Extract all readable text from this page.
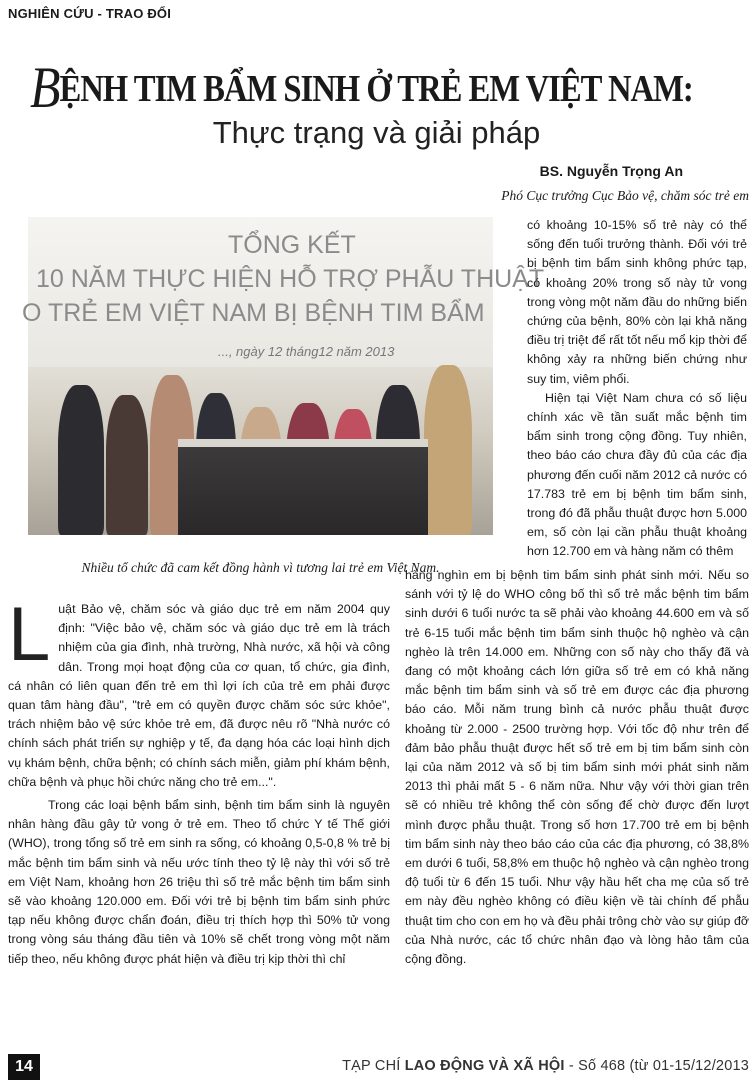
NGHIÊN CỨU - TRAO ĐỔI
BỆNH TIM BẨM SINH Ở TRẺ EM VIỆT NAM:
Thực trạng và giải pháp
BS. Nguyễn Trọng An
Phó Cục trưởng Cục Bảo vệ, chăm sóc trẻ em
TỔNG KẾT
10 NĂM THỰC HIỆN HỖ TRỢ PHẪU THUẬT
O TRẺ EM VIỆT NAM BỊ BỆNH TIM BẨM
..., ngày 12 tháng12 năm 2013
Nhiều tổ chức đã cam kết đồng hành vì tương lai trẻ em Việt Nam.

có khoảng 10-15% số trẻ này có thể sống đến tuổi trưởng thành. Đối với trẻ bị bệnh tim bẩm sinh không phức tạp, có khoảng 20% trong số này tử vong trong vòng một năm đầu do những biến chứng của bệnh, 80% còn lại khả năng điều trị triệt để rất tốt nếu mổ kịp thời để không xảy ra những biến chứng như suy tim, viêm phổi.

Hiện tại Việt Nam chưa có số liệu chính xác về tần suất mắc bệnh tim bẩm sinh trong cộng đồng. Tuy nhiên, theo báo cáo chưa đầy đủ của các địa phương đến cuối năm 2012 cả nước có 17.783 trẻ em bị bệnh tim bẩm sinh, trong đó đã phẫu thuật được hơn 5.000 em, số còn lại cần phẫu thuật khoảng hơn 12.700 em và hàng năm có thêm

Luật Bảo vệ, chăm sóc và giáo dục trẻ em năm 2004 quy định: "Việc bảo vệ, chăm sóc và giáo dục trẻ em là trách nhiệm của gia đình, nhà trường, Nhà nước, xã hội và công dân. Trong mọi hoạt động của cơ quan, tổ chức, gia đình, cá nhân có liên quan đến trẻ em thì lợi ích của trẻ em phải được quan tâm hàng đầu", "trẻ em có quyền được chăm sóc sức khỏe", trách nhiệm bảo vệ sức khỏe trẻ em, đã được nêu rõ "Nhà nước có chính sách phát triển sự nghiệp y tế, đa dạng hóa các loại hình dịch vụ khám bệnh, chữa bệnh; có chính sách miễn, giảm phí khám bệnh, chữa bệnh và phục hồi chức năng cho trẻ em...".

Trong các loại bệnh bẩm sinh, bệnh tim bẩm sinh là nguyên nhân hàng đầu gây tử vong ở trẻ em. Theo tổ chức Y tế Thế giới (WHO), trong tổng số trẻ em sinh ra sống, có khoảng 0,5-0,8 % trẻ bị mắc bệnh tim bẩm sinh và nếu ước tính theo tỷ lệ này thì với số trẻ em Việt Nam, khoảng hơn 26 triệu thì số trẻ mắc bệnh tim bẩm sinh sẽ vào khoảng 120.000 em. Đối với trẻ bị bệnh tim bẩm sinh phức tạp nếu không được chẩn đoán, điều trị thích hợp thì 50% tử vong trong vòng sáu tháng đầu tiên và 10% sẽ chết trong vòng một năm tiếp theo, nếu không được phát hiện và điều trị kịp thời thì chỉ

hàng nghìn em bị bệnh tim bẩm sinh phát sinh mới. Nếu so sánh với tỷ lệ do WHO công bố thì số trẻ mắc bệnh tim bẩm sinh dưới 6 tuổi nước ta sẽ phải vào khoảng 44.600 em và số trẻ 6-15 tuổi mắc bệnh tim bẩm sinh thuộc hộ nghèo và cận nghèo là trên 14.000 em. Những con số này cho thấy đã và đang có một khoảng cách lớn giữa số trẻ em có khả năng mắc bệnh tim bẩm sinh và số trẻ em được các địa phương báo cáo. Mỗi năm trung bình cả nước phẫu thuật được khoảng từ 2.000 - 2500 trường hợp. Với tốc độ như trên để đảm bảo phẫu thuật được hết số trẻ em bị tim bẩm sinh còn lại của năm 2012 và số bị tim bẩm sinh mới phát sinh năm 2013 thì phải mất 5 - 6 năm nữa. Như vậy với thời gian trên sẽ có nhiều trẻ không thể còn sống để chờ được đến lượt mình được phẫu thuật. Trong số hơn 17.700 trẻ em bị bệnh tim bẩm sinh này theo báo cáo của các địa phương, có 38,8% em dưới 6 tuổi, 58,8% em thuộc hộ nghèo và cận nghèo trong độ tuổi từ 6 đến 15 tuổi. Như vậy hầu hết cha mẹ của số trẻ em này đều nghèo không có điều kiện về tài chính để phẫu thuật tim cho con em họ và đều phải trông chờ vào sự giúp đỡ của Nhà nước, các tổ chức nhân đạo và lòng hảo tâm của cộng đồng.

14	TẠP CHÍ LAO ĐỘNG VÀ XÃ HỘI - Số 468 (từ 01-15/12/2013
